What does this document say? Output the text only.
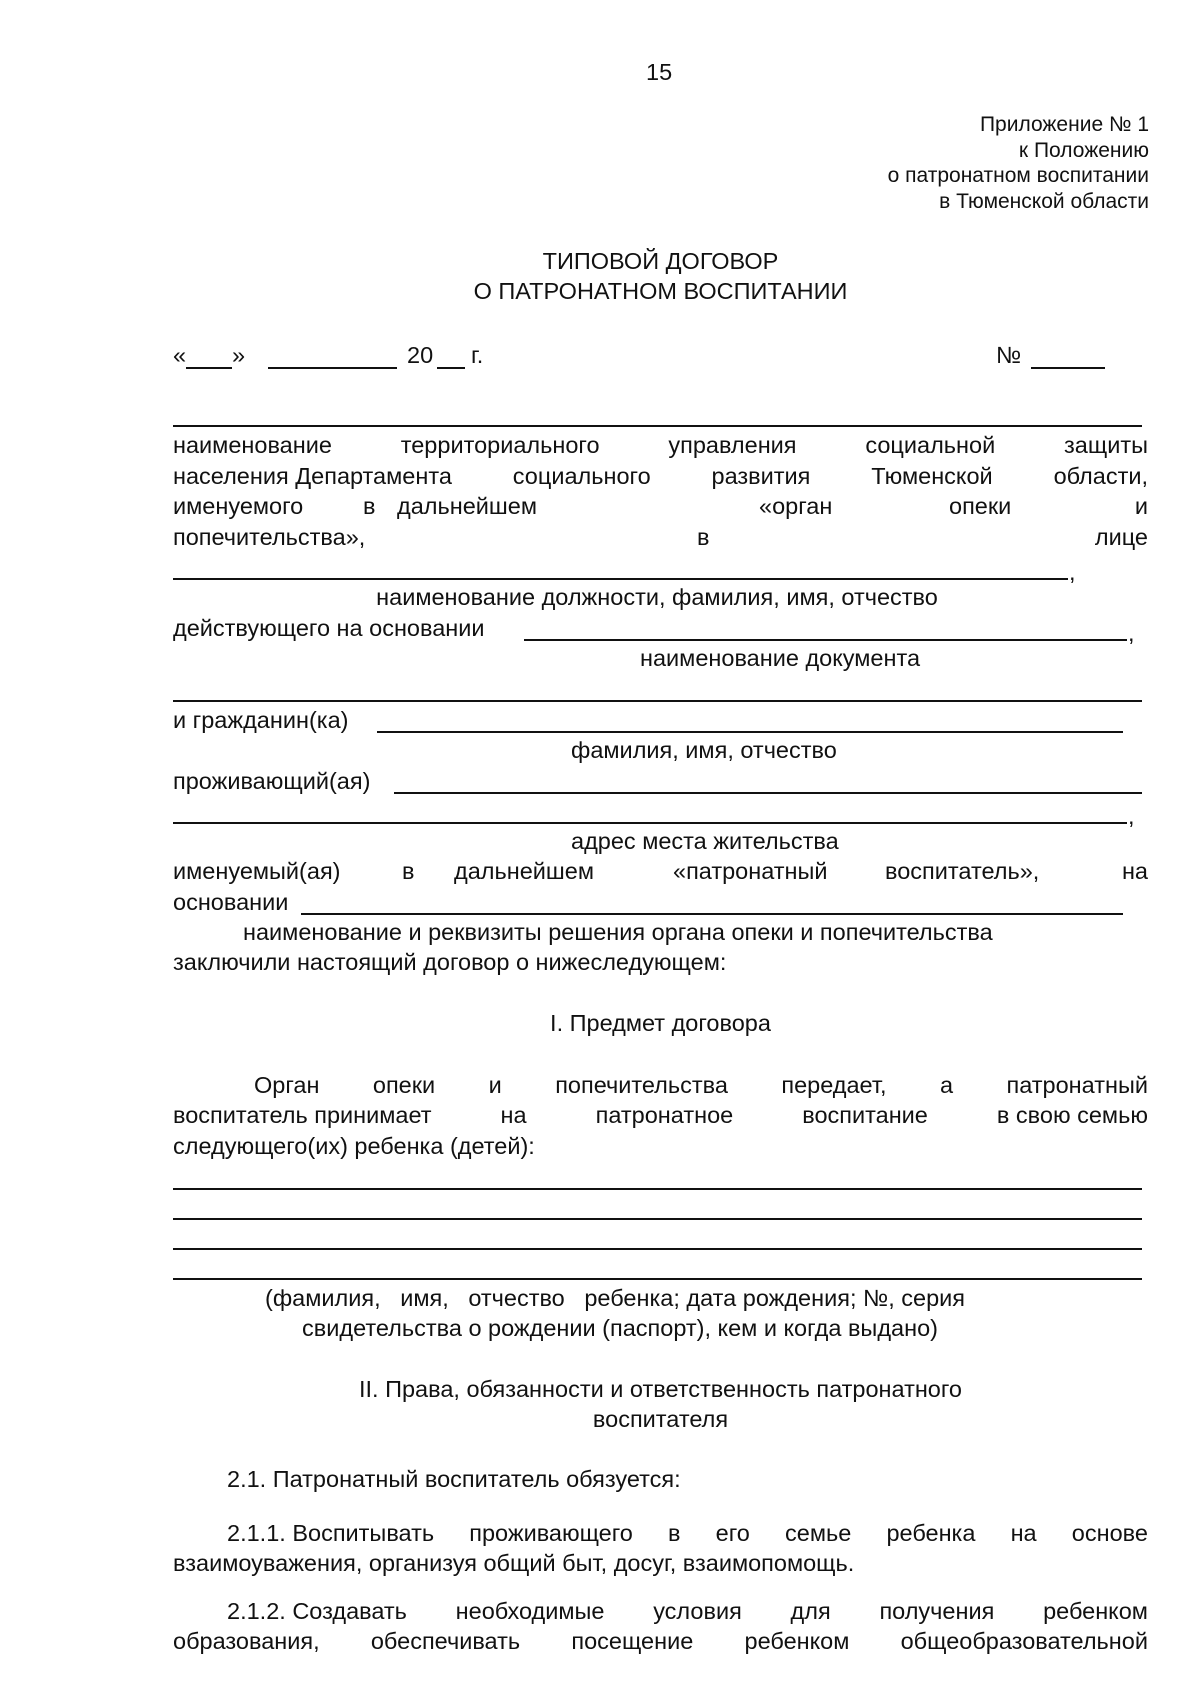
15
Приложение № 1
к Положению
о патронатном воспитании
в Тюменской области
ТИПОВОЙ ДОГОВОР
О ПАТРОНАТНОМ ВОСПИТАНИИ
« »	20 г.	№
наименование	территориального	управления	социальной	защиты
населения Департамента	социального	развития	Тюменской	области,
именуемого	в дальнейшем	«орган	опеки	и
попечительства»,	в	лице
,
наименование должности, фамилия, имя, отчество
действующего на основании	,
наименование документа
и гражданин(ка)
фамилия, имя, отчество
проживающий(ая)
,
адрес места жительства
именуемый(ая)	в дальнейшем	«патронатный воспитатель»,	на
основании
наименование и реквизиты решения органа опеки и попечительства
заключили настоящий договор о нижеследующем:
I. Предмет договора
Орган опеки и попечительства передает, а патронатный
воспитатель принимает	на	патронатное	воспитание	в свою семью
следующего(их) ребенка (детей):
(фамилия,   имя,   отчество   ребенка; дата рождения; №, серия
свидетельства о рождении (паспорт), кем и когда выдано)
II. Права, обязанности и ответственность патронатного
воспитателя
2.1. Патронатный воспитатель обязуется:
2.1.1. Воспитывать проживающего в его семье ребенка на основе
взаимоуважения, организуя общий быт, досуг, взаимопомощь.
2.1.2. Создавать необходимые условия для получения ребенком
образования, обеспечивать посещение ребенком общеобразовательной
